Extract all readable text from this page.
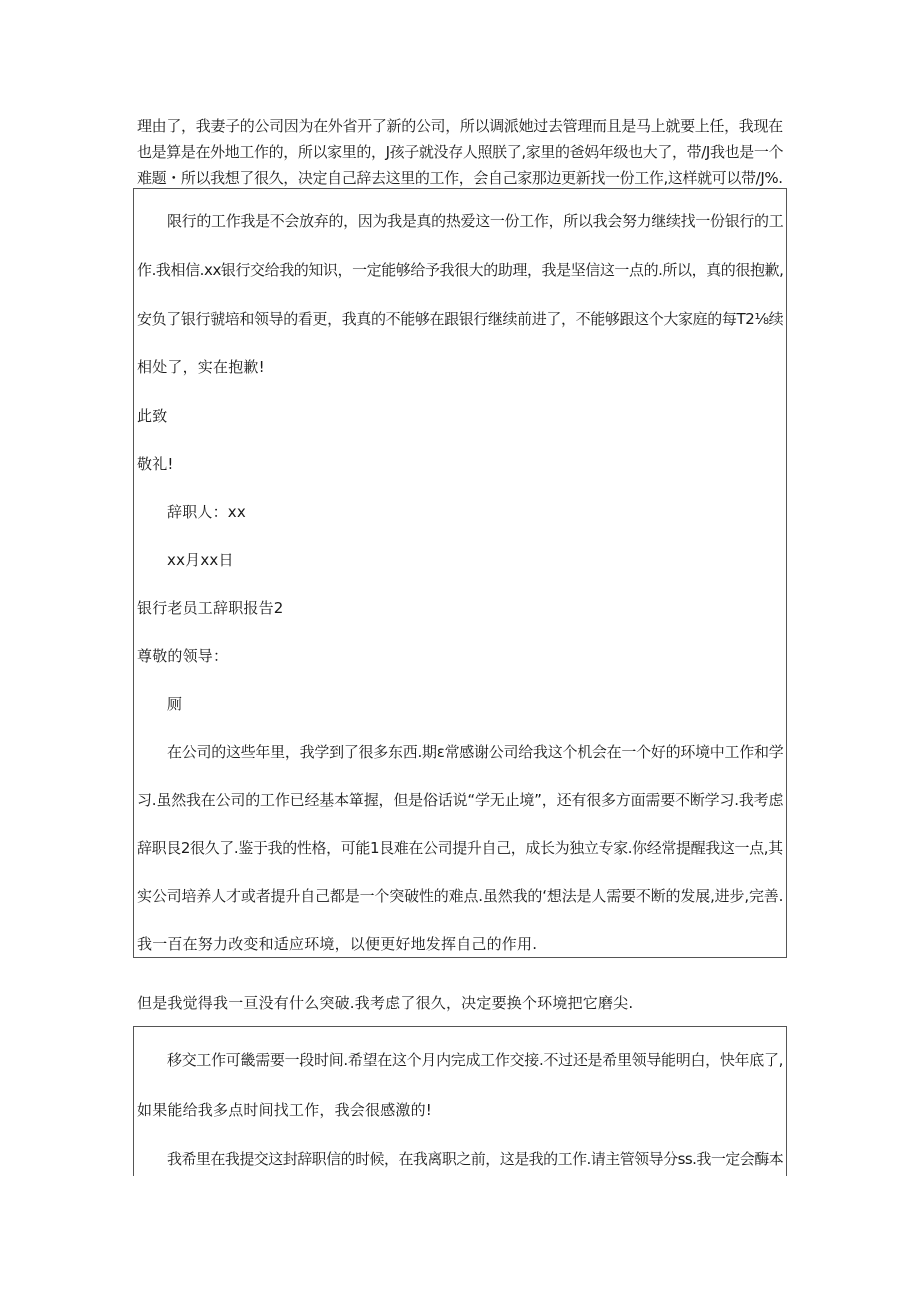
理由了，我妻子的公司因为在外省开了新的公司，所以调派她过去管理而且是马上就要上任，我现在
也是算是在外地工作的，所以家里的，J孩子就没存人照朕了,家里的爸妈年级也大了，带/J我也是一个
难题・所以我想了很久，决定自己辞去这里的工作，会自己家那边更新找一份工作,这样就可以带/J%.
限行的工作我是不会放弃的，因为我是真的热爱这一份工作，所以我会努力继续找一份银行的工
作.我相信.xx银行交给我的知识，一定能够给予我很大的助理，我是坚信这一点的.所以，真的很抱歉,
安负了银行虢培和领导的看更，我真的不能够在跟银行继续前进了，不能够跟这个大家庭的每T2⅛续
相处了，实在抱歉!
此致
敬礼!
辞职人：xx
xx月xx日
银行老员工辞职报告2
尊敬的领导：
厕
在公司的这些年里，我学到了很多东西.期ε常感谢公司给我这个机会在一个好的环境中工作和学
习.虽然我在公司的工作已经基本箪握，但是俗话说“学无止境”，还有很多方面需要不断学习.我考虑
辞职艮2很久了.鉴于我的性格，可能1艮难在公司提升自己，成长为独立专家.你经常提醒我这一点,其
实公司培养人才或者提升自己都是一个突破性的难点.虽然我的‘想法是人需要不断的发展,进步,完善.
我一百在努力改变和适应环境，以便更好地发挥自己的作用.
但是我觉得我一亘没有什么突破.我考虑了很久，决定要换个环境把它磨尖.
移交工作可畿需要一段时间.希望在这个月内完成工作交接.不过还是希里领导能明白，快年底了,
如果能给我多点时间找工作，我会很感激的!
我希里在我提交这封辞职信的时候，在我离职之前，这是我的工作.请主管领导分ss.我一定会酶本
